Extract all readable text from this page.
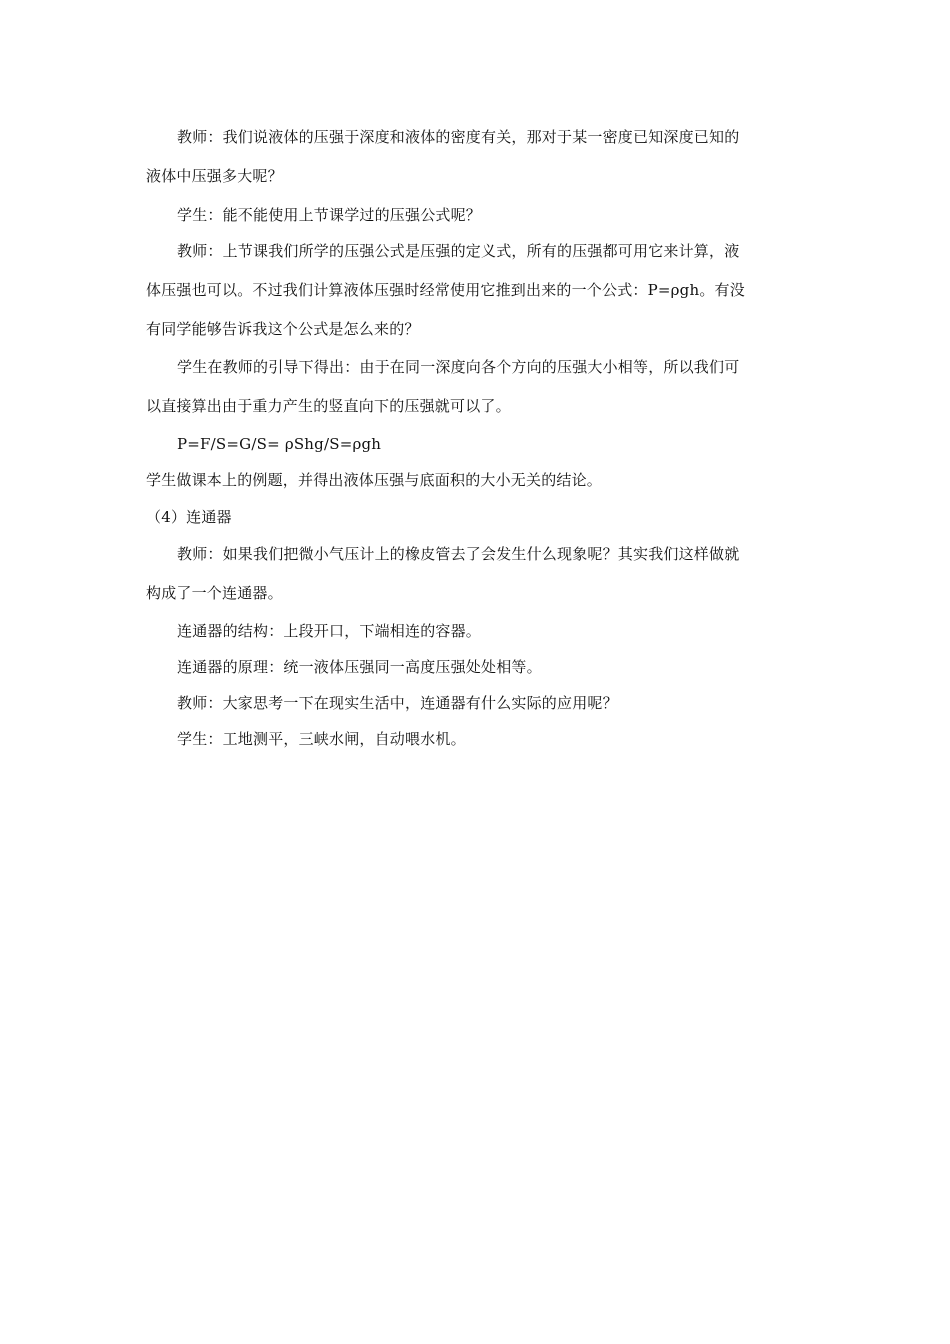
教师：我们说液体的压强于深度和液体的密度有关，那对于某一密度已知深度已知的
液体中压强多大呢？
学生：能不能使用上节课学过的压强公式呢？
教师：上节课我们所学的压强公式是压强的定义式，所有的压强都可用它来计算，液
体压强也可以。不过我们计算液体压强时经常使用它推到出来的一个公式：P=ρgh。有没
有同学能够告诉我这个公式是怎么来的？
学生在教师的引导下得出：由于在同一深度向各个方向的压强大小相等，所以我们可
以直接算出由于重力产生的竖直向下的压强就可以了。
P=F/S=G/S= ρShg/S=ρgh
学生做课本上的例题，并得出液体压强与底面积的大小无关的结论。
（4）连通器
教师：如果我们把微小气压计上的橡皮管去了会发生什么现象呢？其实我们这样做就
构成了一个连通器。
连通器的结构：上段开口，下端相连的容器。
连通器的原理：统一液体压强同一高度压强处处相等。
教师：大家思考一下在现实生活中，连通器有什么实际的应用呢？
学生：工地测平，三峡水闸，自动喂水机。
